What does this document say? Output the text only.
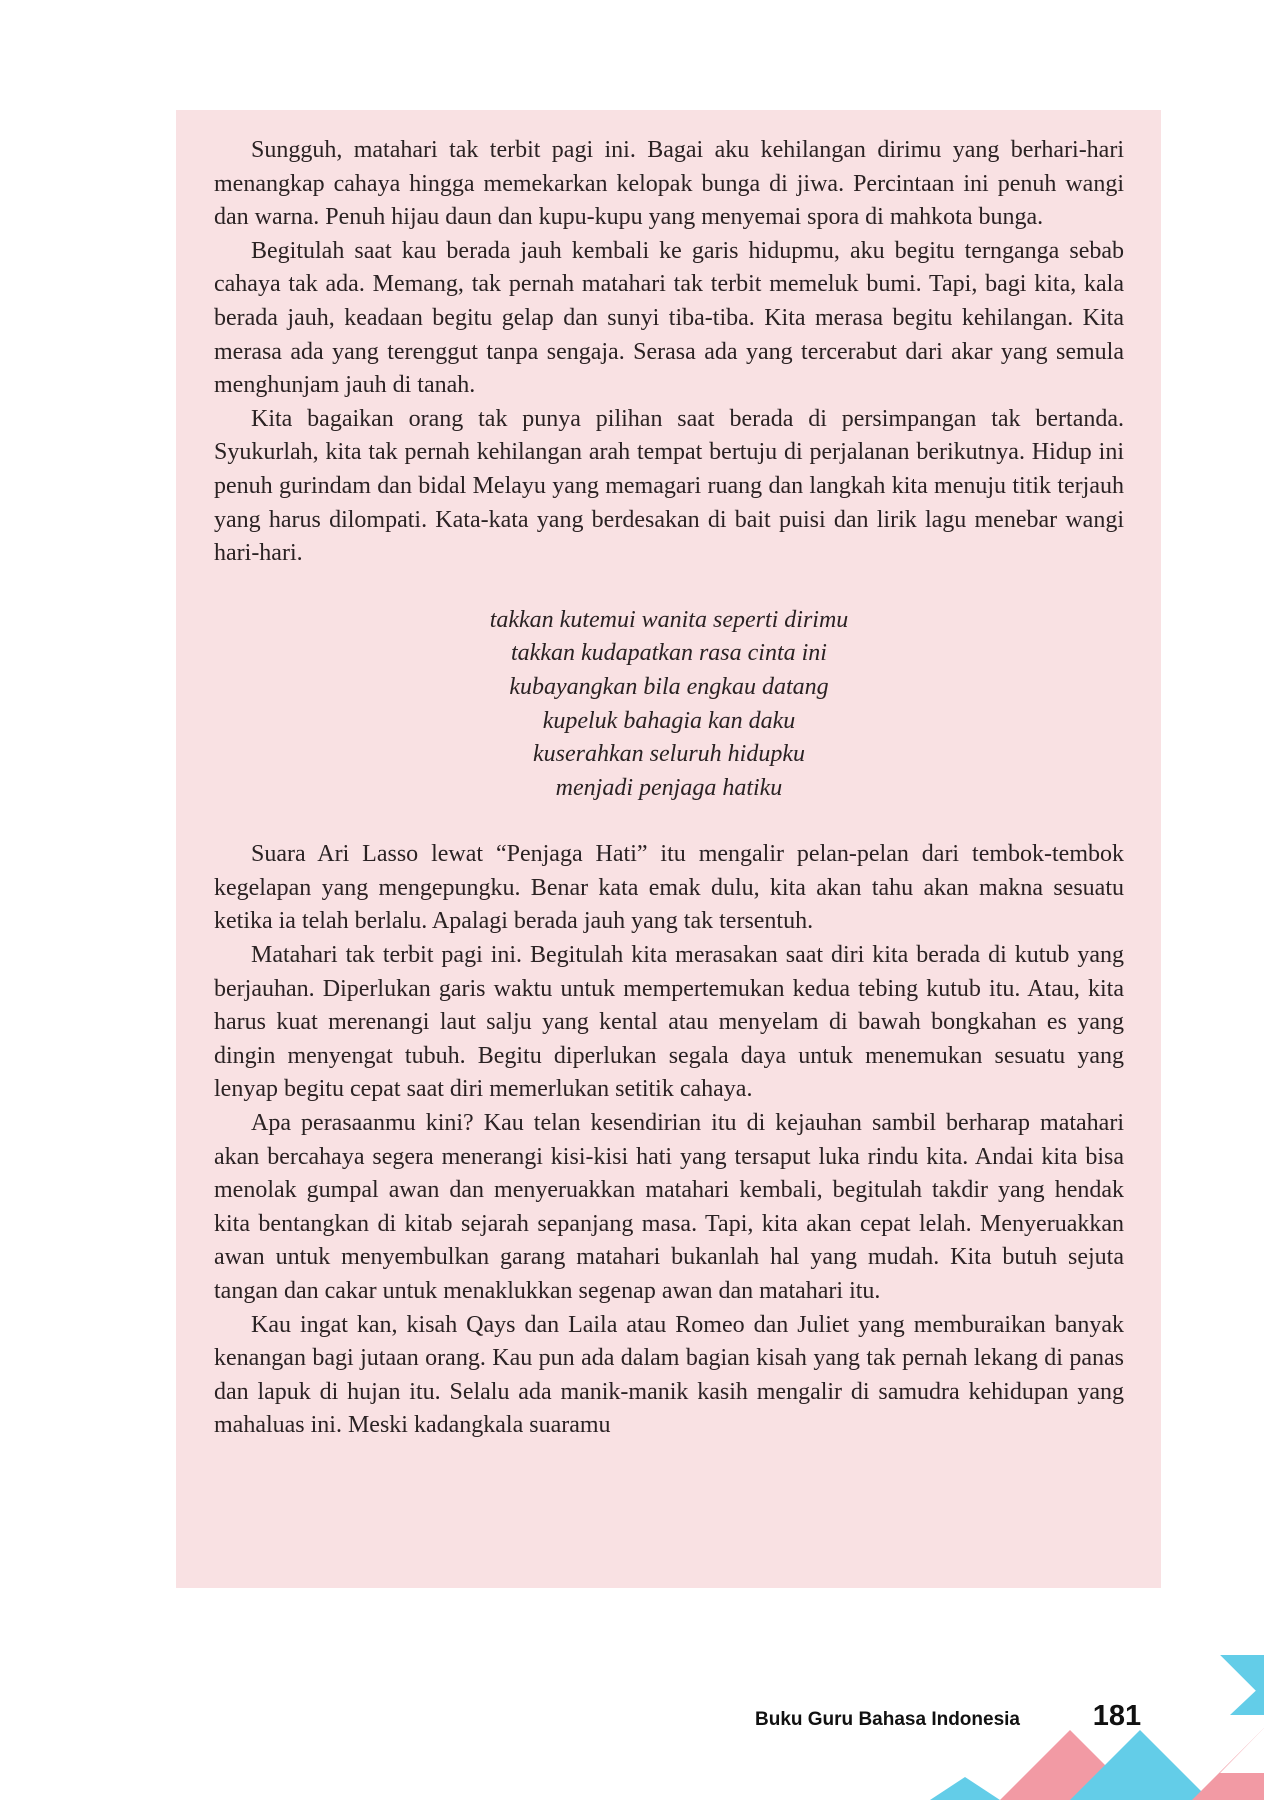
Sungguh, matahari tak terbit pagi ini. Bagai aku kehilangan dirimu yang berhari-hari menangkap cahaya hingga memekarkan kelopak bunga di jiwa. Percintaan ini penuh wangi dan warna. Penuh hijau daun dan kupu-kupu yang menyemai spora di mahkota bunga.

Begitulah saat kau berada jauh kembali ke garis hidupmu, aku begitu ternganga sebab cahaya tak ada. Memang, tak pernah matahari tak terbit memeluk bumi. Tapi, bagi kita, kala berada jauh, keadaan begitu gelap dan sunyi tiba-tiba. Kita merasa begitu kehilangan. Kita merasa ada yang terenggut tanpa sengaja. Serasa ada yang tercerabut dari akar yang semula menghunjam jauh di tanah.

Kita bagaikan orang tak punya pilihan saat berada di persimpangan tak bertanda. Syukurlah, kita tak pernah kehilangan arah tempat bertuju di perjalanan berikutnya. Hidup ini penuh gurindam dan bidal Melayu yang memagari ruang dan langkah kita menuju titik terjauh yang harus dilompati. Kata-kata yang berdesakan di bait puisi dan lirik lagu menebar wangi hari-hari.

takkan kutemui wanita seperti dirimu
takkan kudapatkan rasa cinta ini
kubayangkan bila engkau datang
kupeluk bahagia kan daku
kuserahkan seluruh hidupku
menjadi penjaga hatiku

Suara Ari Lasso lewat “Penjaga Hati” itu mengalir pelan-pelan dari tembok-tembok kegelapan yang mengepungku. Benar kata emak dulu, kita akan tahu akan makna sesuatu ketika ia telah berlalu. Apalagi berada jauh yang tak tersentuh.

Matahari tak terbit pagi ini. Begitulah kita merasakan saat diri kita berada di kutub yang berjauhan. Diperlukan garis waktu untuk mempertemukan kedua tebing kutub itu. Atau, kita harus kuat merenangi laut salju yang kental atau menyelam di bawah bongkahan es yang dingin menyengat tubuh. Begitu diperlukan segala daya untuk menemukan sesuatu yang lenyap begitu cepat saat diri memerlukan setitik cahaya.

Apa perasaanmu kini? Kau telan kesendirian itu di kejauhan sambil berharap matahari akan bercahaya segera menerangi kisi-kisi hati yang tersaput luka rindu kita. Andai kita bisa menolak gumpal awan dan menyeruakkan matahari kembali, begitulah takdir yang hendak kita bentangkan di kitab sejarah sepanjang masa. Tapi, kita akan cepat lelah. Menyeruakkan awan untuk menyembulkan garang matahari bukanlah hal yang mudah. Kita butuh sejuta tangan dan cakar untuk menaklukkan segenap awan dan matahari itu.

Kau ingat kan, kisah Qays dan Laila atau Romeo dan Juliet yang memburaikan banyak kenangan bagi jutaan orang. Kau pun ada dalam bagian kisah yang tak pernah lekang di panas dan lapuk di hujan itu. Selalu ada manik-manik kasih mengalir di samudra kehidupan yang mahaluas ini. Meski kadangkala suaramu

Buku Guru Bahasa Indonesia	181
